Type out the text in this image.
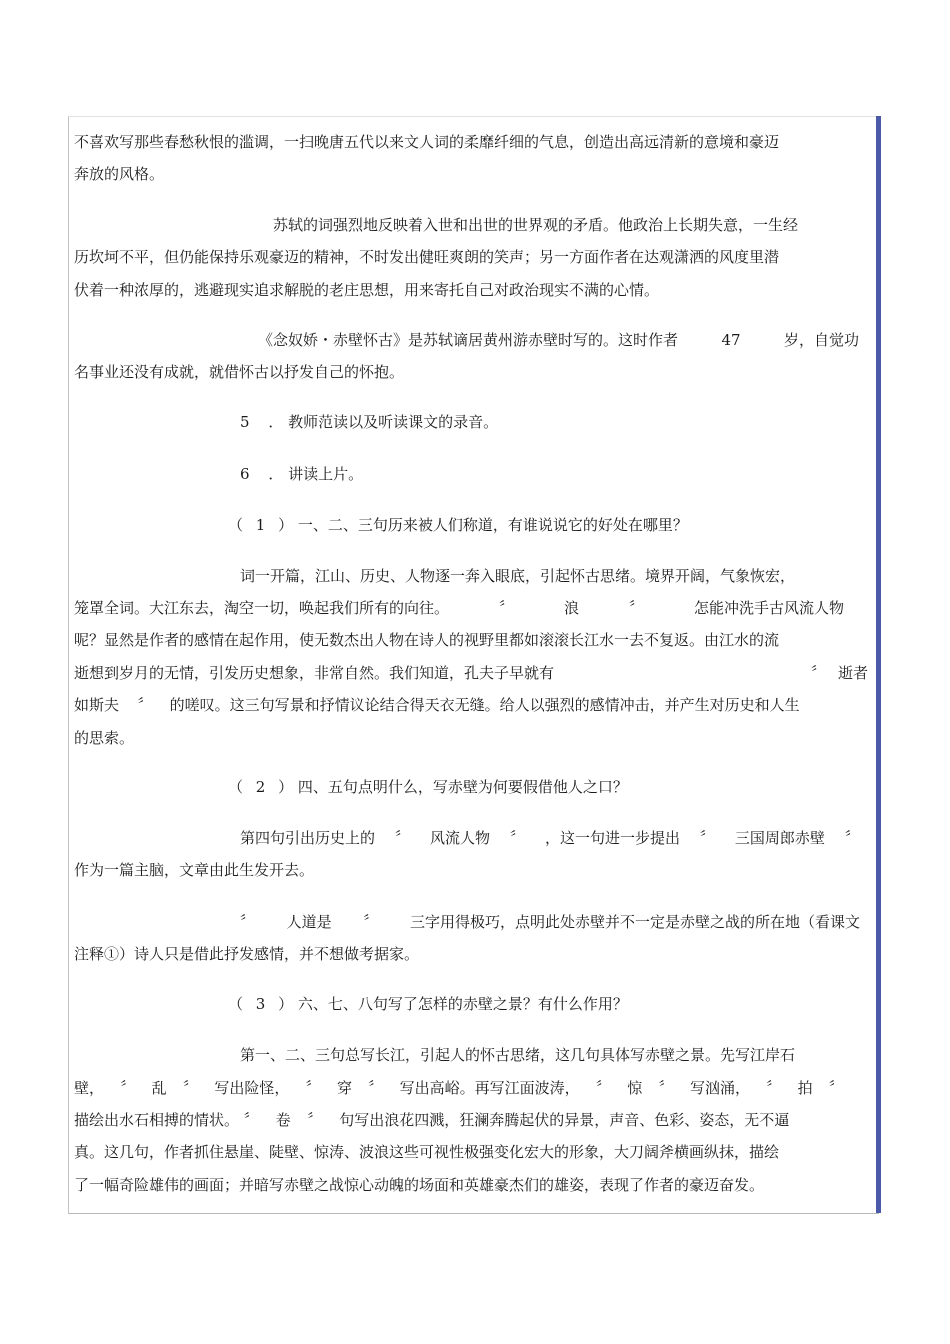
不喜欢写那些春愁秋恨的滥调，一扫晚唐五代以来文人词的柔靡纤细的气息，创造出高远清新的意境和豪迈
奔放的风格。
苏轼的词强烈地反映着入世和出世的世界观的矛盾。他政治上长期失意，一生经
历坎坷不平，但仍能保持乐观豪迈的精神，不时发出健旺爽朗的笑声；另一方面作者在达观潇洒的风度里潜
伏着一种浓厚的，逃避现实追求解脱的老庄思想，用来寄托自己对政治现实不满的心情。
《念奴娇・赤壁怀古》是苏轼谪居黄州游赤壁时写的。这时作者	47	岁，自觉功
名事业还没有成就，就借怀古以抒发自己的怀抱。
5 ． 教师范读以及听读课文的录音。
6 ． 讲读上片。
（ 1 ） 一、二、三句历来被人们称道，有谁说说它的好处在哪里？
词一开篇，江山、历史、人物逐一奔入眼底，引起怀古思绪。境界开阔，气象恢宏，
笼罩全词。大江东去，淘空一切，唤起我们所有的向往。	〞	浪	〞	怎能冲洗手古风流人物
呢？显然是作者的感情在起作用，使无数杰出人物在诗人的视野里都如滚滚长江水一去不复返。由江水的流
逝想到岁月的无情，引发历史想象，非常自然。我们知道，孔夫子早就有	〞 逝者
如斯夫 〞 的嗟叹。这三句写景和抒情议论结合得天衣无缝。给人以强烈的感情冲击，并产生对历史和人生
的思索。
（ 2 ） 四、五句点明什么，写赤壁为何要假借他人之口？
第四句引出历史上的 〞 风流人物 〞 ，这一句进一步提出 〞 三国周郎赤壁 〞
作为一篇主脑，文章由此生发开去。
〞 人道是 〞 三字用得极巧，点明此处赤壁并不一定是赤壁之战的所在地（看课文
注释①）诗人只是借此抒发感情，并不想做考据家。
（ 3 ） 六、七、八句写了怎样的赤壁之景？有什么作用？
第一、二、三句总写长江，引起人的怀古思绪，这几句具体写赤壁之景。先写江岸石
壁， 〞 乱 〞 写出险怪， 〞 穿 〞 写出高峪。再写江面波涛， 〞 惊 〞 写汹涌， 〞 拍 〞
描绘出水石相搏的情状。 〞 卷 〞 句写出浪花四溅，狂澜奔腾起伏的异景，声音、色彩、姿态，无不逼
真。这几句，作者抓住悬崖、陡壁、惊涛、波浪这些可视性极强变化宏大的形象，大刀阔斧横画纵抹，描绘
了一幅奇险雄伟的画面；并暗写赤壁之战惊心动魄的场面和英雄豪杰们的雄姿，表现了作者的豪迈奋发。
